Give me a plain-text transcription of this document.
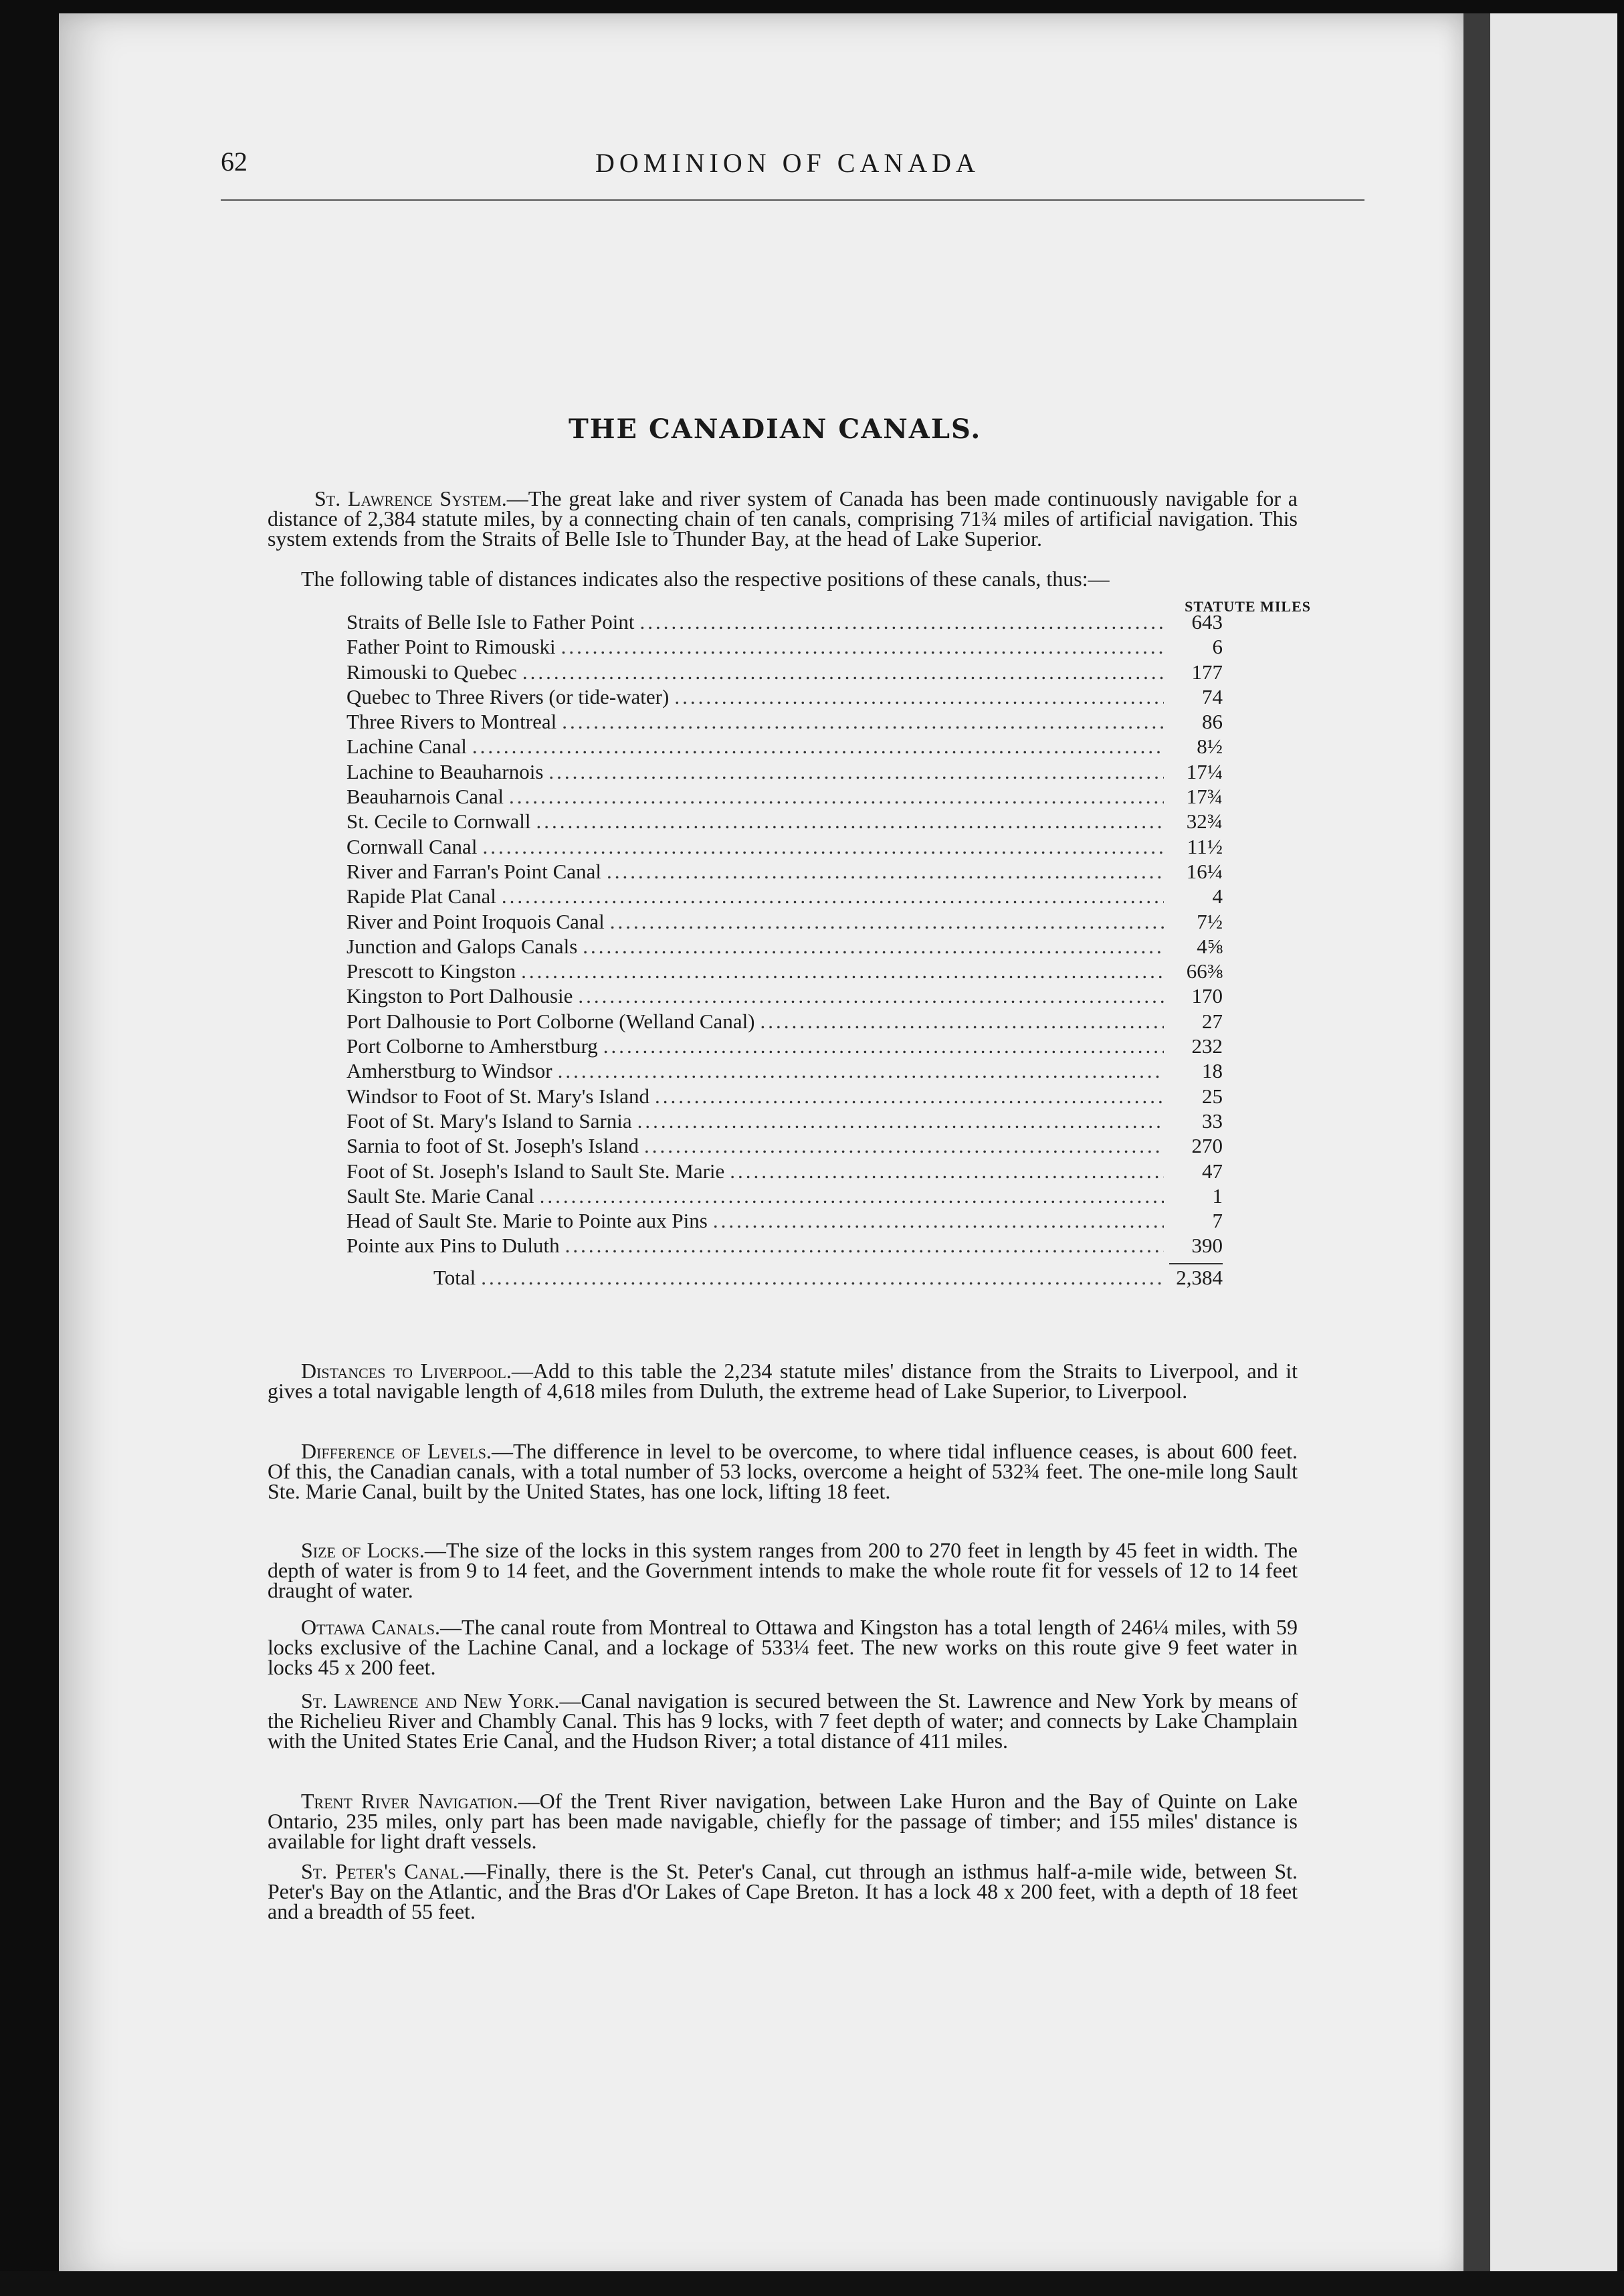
62	DOMINION OF CANADA
THE CANADIAN CANALS.

St. Lawrence System.—The great lake and river system of Canada has been made continuously navigable for a distance of 2,384 statute miles, by a connecting chain of ten canals, comprising 71¾ miles of artificial navigation. This system extends from the Straits of Belle Isle to Thunder Bay, at the head of Lake Superior.

The following table of distances indicates also the respective positions of these canals, thus:—

STATUTE MILES
Straits of Belle Isle to Father Point .....	643
Father Point to Rimouski .....	6
Rimouski to Quebec .....	177
Quebec to Three Rivers (or tide-water) .....	74
Three Rivers to Montreal .....	86
Lachine Canal .....	8½
Lachine to Beauharnois .....	17¼
Beauharnois Canal .....	17¾
St. Cecile to Cornwall .....	32¾
Cornwall Canal .....	11½
River and Farran's Point Canal .....	16¼
Rapide Plat Canal .....	4
River and Point Iroquois Canal .....	7½
Junction and Galops Canals .....	4⅝
Prescott to Kingston .....	66⅜
Kingston to Port Dalhousie .....	170
Port Dalhousie to Port Colborne (Welland Canal) .....	27
Port Colborne to Amherstburg .....	232
Amherstburg to Windsor .....	18
Windsor to Foot of St. Mary's Island .....	25
Foot of St. Mary's Island to Sarnia .....	33
Sarnia to foot of St. Joseph's Island .....	270
Foot of St. Joseph's Island to Sault Ste. Marie .....	47
Sault Ste. Marie Canal .....	1
Head of Sault Ste. Marie to Pointe aux Pins .....	7
Pointe aux Pins to Duluth .....	390
Total .....	2,384

Distances to Liverpool.—Add to this table the 2,234 statute miles' distance from the Straits to Liverpool, and it gives a total navigable length of 4,618 miles from Duluth, the extreme head of Lake Superior, to Liverpool.

Difference of Levels.—The difference in level to be overcome, to where tidal influence ceases, is about 600 feet. Of this, the Canadian canals, with a total number of 53 locks, overcome a height of 532¾ feet. The one-mile long Sault Ste. Marie Canal, built by the United States, has one lock, lifting 18 feet.

Size of Locks.—The size of the locks in this system ranges from 200 to 270 feet in length by 45 feet in width. The depth of water is from 9 to 14 feet, and the Government intends to make the whole route fit for vessels of 12 to 14 feet draught of water.

Ottawa Canals.—The canal route from Montreal to Ottawa and Kingston has a total length of 246¼ miles, with 59 locks exclusive of the Lachine Canal, and a lockage of 533¼ feet. The new works on this route give 9 feet water in locks 45 x 200 feet.

St. Lawrence and New York.—Canal navigation is secured between the St. Lawrence and New York by means of the Richelieu River and Chambly Canal. This has 9 locks, with 7 feet depth of water; and connects by Lake Champlain with the United States Erie Canal, and the Hudson River; a total distance of 411 miles.

Trent River Navigation.—Of the Trent River navigation, between Lake Huron and the Bay of Quinte on Lake Ontario, 235 miles, only part has been made navigable, chiefly for the passage of timber; and 155 miles' distance is available for light draft vessels.

St. Peter's Canal.—Finally, there is the St. Peter's Canal, cut through an isthmus half-a-mile wide, between St. Peter's Bay on the Atlantic, and the Bras d'Or Lakes of Cape Breton. It has a lock 48 x 200 feet, with a depth of 18 feet and a breadth of 55 feet.
